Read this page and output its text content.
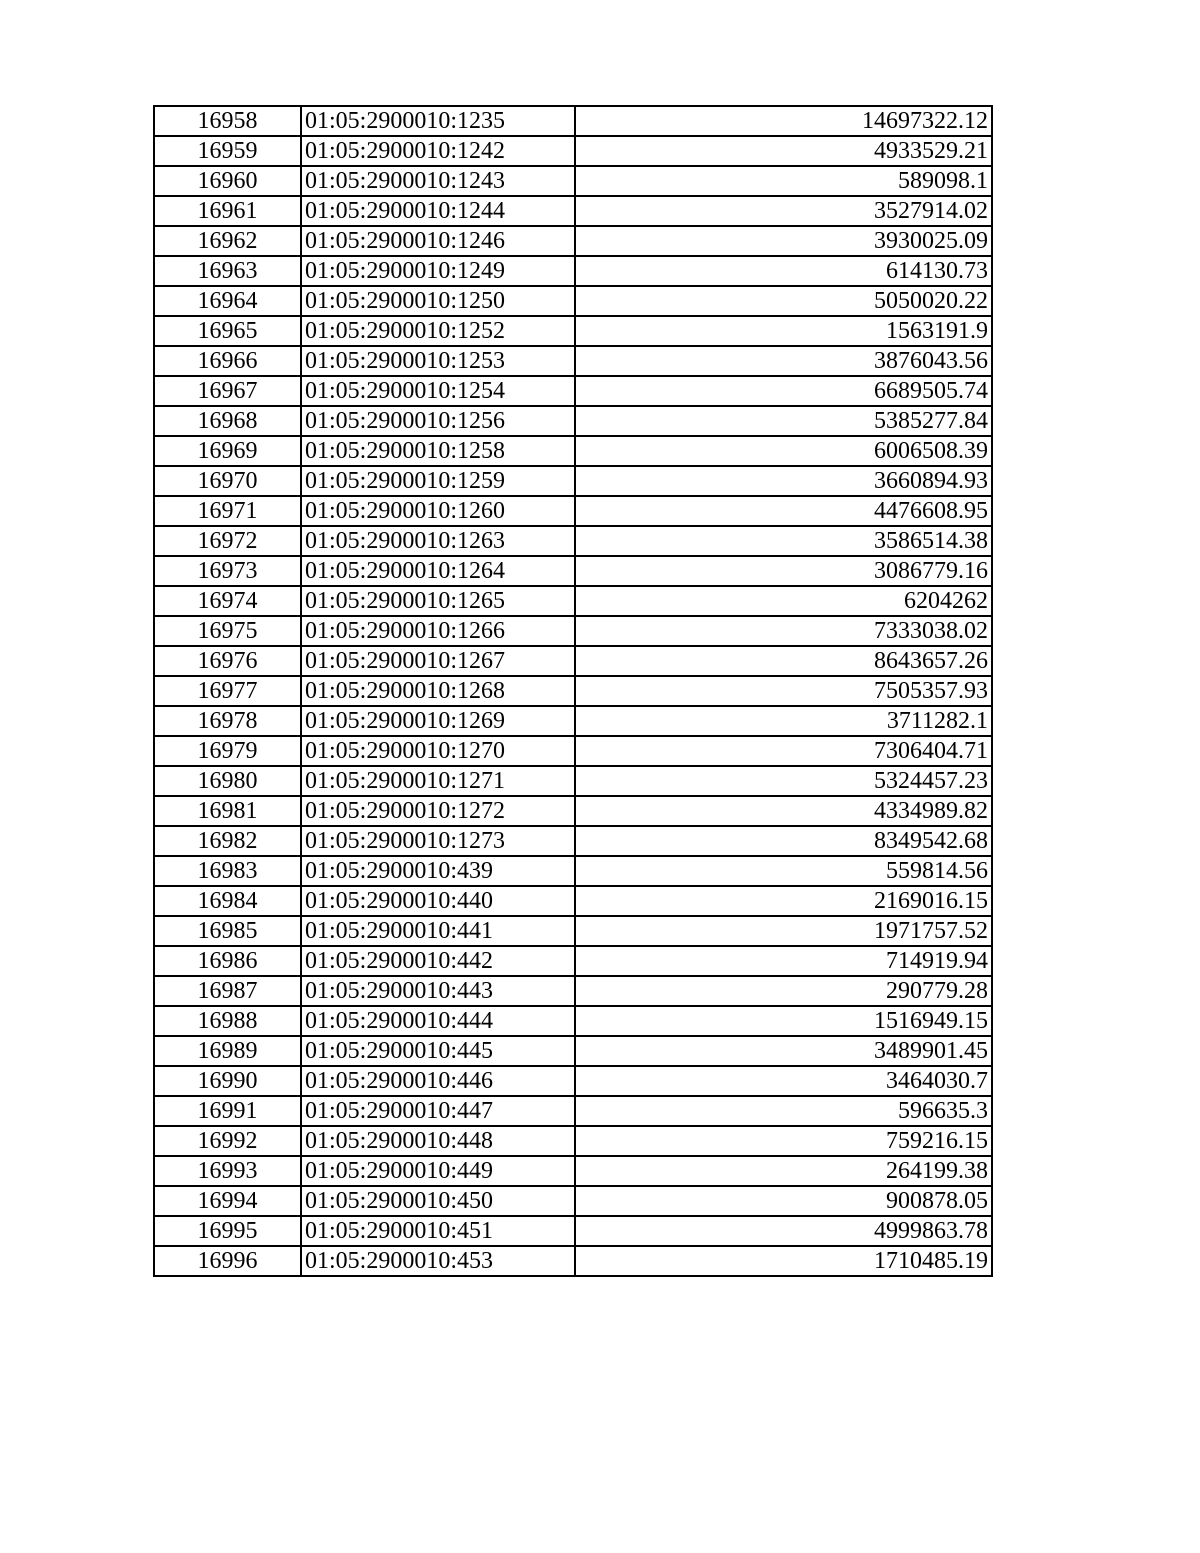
16958	01:05:2900010:1235	14697322.12
16959	01:05:2900010:1242	4933529.21
16960	01:05:2900010:1243	589098.1
16961	01:05:2900010:1244	3527914.02
16962	01:05:2900010:1246	3930025.09
16963	01:05:2900010:1249	614130.73
16964	01:05:2900010:1250	5050020.22
16965	01:05:2900010:1252	1563191.9
16966	01:05:2900010:1253	3876043.56
16967	01:05:2900010:1254	6689505.74
16968	01:05:2900010:1256	5385277.84
16969	01:05:2900010:1258	6006508.39
16970	01:05:2900010:1259	3660894.93
16971	01:05:2900010:1260	4476608.95
16972	01:05:2900010:1263	3586514.38
16973	01:05:2900010:1264	3086779.16
16974	01:05:2900010:1265	6204262
16975	01:05:2900010:1266	7333038.02
16976	01:05:2900010:1267	8643657.26
16977	01:05:2900010:1268	7505357.93
16978	01:05:2900010:1269	3711282.1
16979	01:05:2900010:1270	7306404.71
16980	01:05:2900010:1271	5324457.23
16981	01:05:2900010:1272	4334989.82
16982	01:05:2900010:1273	8349542.68
16983	01:05:2900010:439	559814.56
16984	01:05:2900010:440	2169016.15
16985	01:05:2900010:441	1971757.52
16986	01:05:2900010:442	714919.94
16987	01:05:2900010:443	290779.28
16988	01:05:2900010:444	1516949.15
16989	01:05:2900010:445	3489901.45
16990	01:05:2900010:446	3464030.7
16991	01:05:2900010:447	596635.3
16992	01:05:2900010:448	759216.15
16993	01:05:2900010:449	264199.38
16994	01:05:2900010:450	900878.05
16995	01:05:2900010:451	4999863.78
16996	01:05:2900010:453	1710485.19
